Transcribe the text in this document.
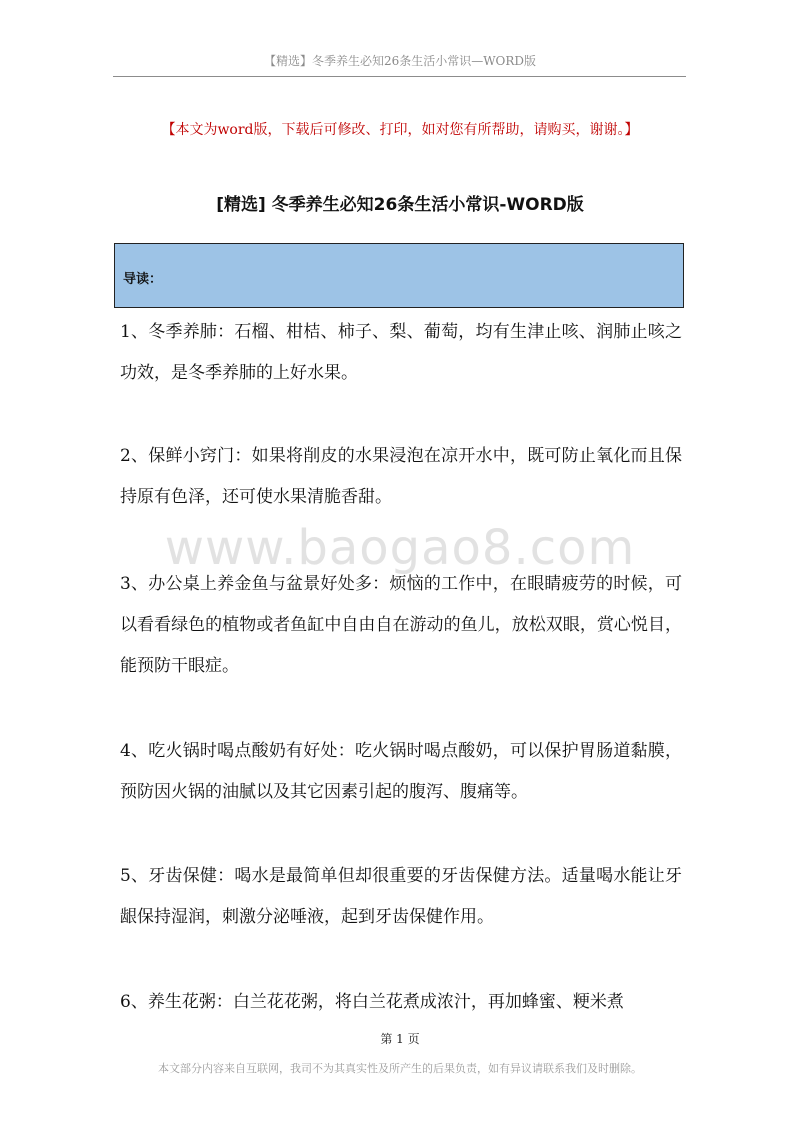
【精选】冬季养生必知26条生活小常识—WORD版
【本文为word版，下载后可修改、打印，如对您有所帮助，请购买，谢谢。】
[精选] 冬季养生必知26条生活小常识-WORD版
导读：
1、冬季养肺：石榴、柑桔、柿子、梨、葡萄，均有生津止咳、润肺止咳之功效，是冬季养肺的上好水果。
2、保鲜小窍门：如果将削皮的水果浸泡在凉开水中，既可防止氧化而且保持原有色泽，还可使水果清脆香甜。
3、办公桌上养金鱼与盆景好处多：烦恼的工作中，在眼睛疲劳的时候，可以看看绿色的植物或者鱼缸中自由自在游动的鱼儿，放松双眼，赏心悦目，能预防干眼症。
4、吃火锅时喝点酸奶有好处：吃火锅时喝点酸奶，可以保护胃肠道黏膜，预防因火锅的油腻以及其它因素引起的腹泻、腹痛等。
5、牙齿保健：喝水是最简单但却很重要的牙齿保健方法。适量喝水能让牙龈保持湿润，刺激分泌唾液，起到牙齿保健作用。
6、养生花粥：白兰花花粥，将白兰花煮成浓汁，再加蜂蜜、粳米煮
www.baogao8.com
第 1 页
本文部分内容来自互联网，我司不为其真实性及所产生的后果负责，如有异议请联系我们及时删除。
